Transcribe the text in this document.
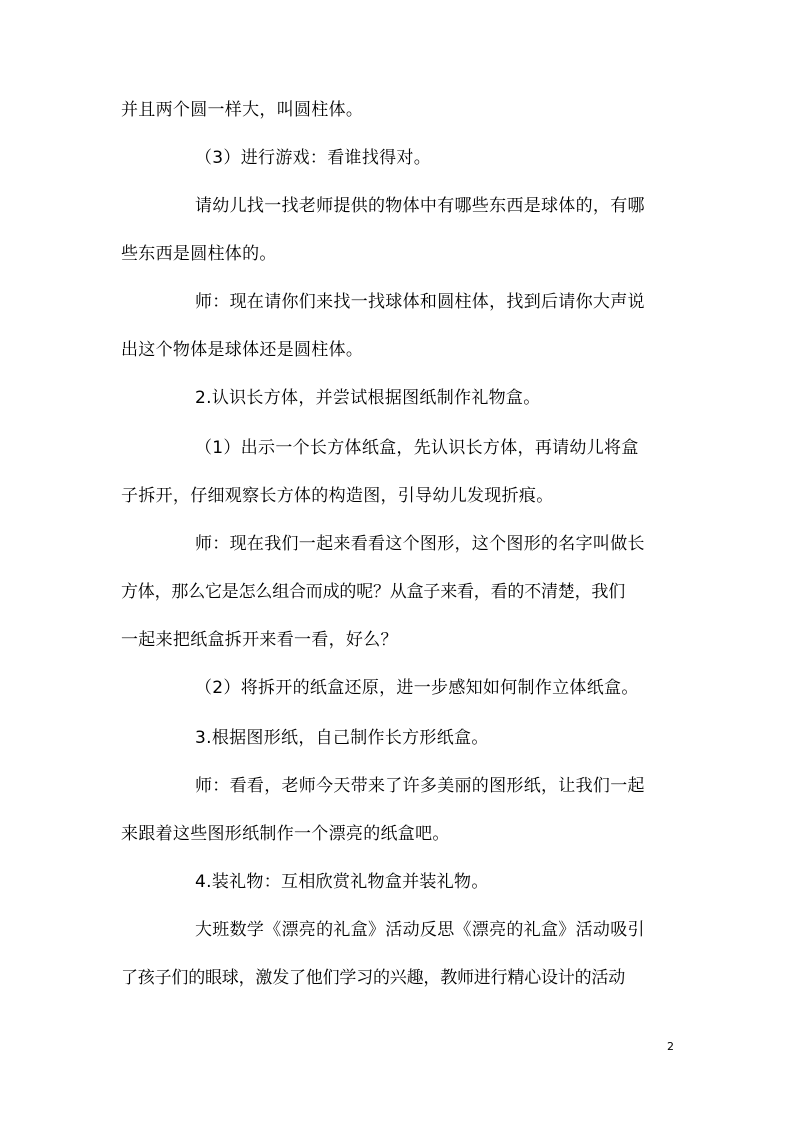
并且两个圆一样大，叫圆柱体。
（3）进行游戏：看谁找得对。
请幼儿找一找老师提供的物体中有哪些东西是球体的，有哪
些东西是圆柱体的。
师：现在请你们来找一找球体和圆柱体，找到后请你大声说
出这个物体是球体还是圆柱体。
2.认识长方体，并尝试根据图纸制作礼物盒。
（1）出示一个长方体纸盒，先认识长方体，再请幼儿将盒
子拆开，仔细观察长方体的构造图，引导幼儿发现折痕。
师：现在我们一起来看看这个图形，这个图形的名字叫做长
方体，那么它是怎么组合而成的呢？从盒子来看，看的不清楚，我们
一起来把纸盒拆开来看一看，好么？
（2）将拆开的纸盒还原，进一步感知如何制作立体纸盒。
3.根据图形纸，自己制作长方形纸盒。
师：看看，老师今天带来了许多美丽的图形纸，让我们一起
来跟着这些图形纸制作一个漂亮的纸盒吧。
4.装礼物：互相欣赏礼物盒并装礼物。
大班数学《漂亮的礼盒》活动反思《漂亮的礼盒》活动吸引
了孩子们的眼球，激发了他们学习的兴趣，教师进行精心设计的活动
2
